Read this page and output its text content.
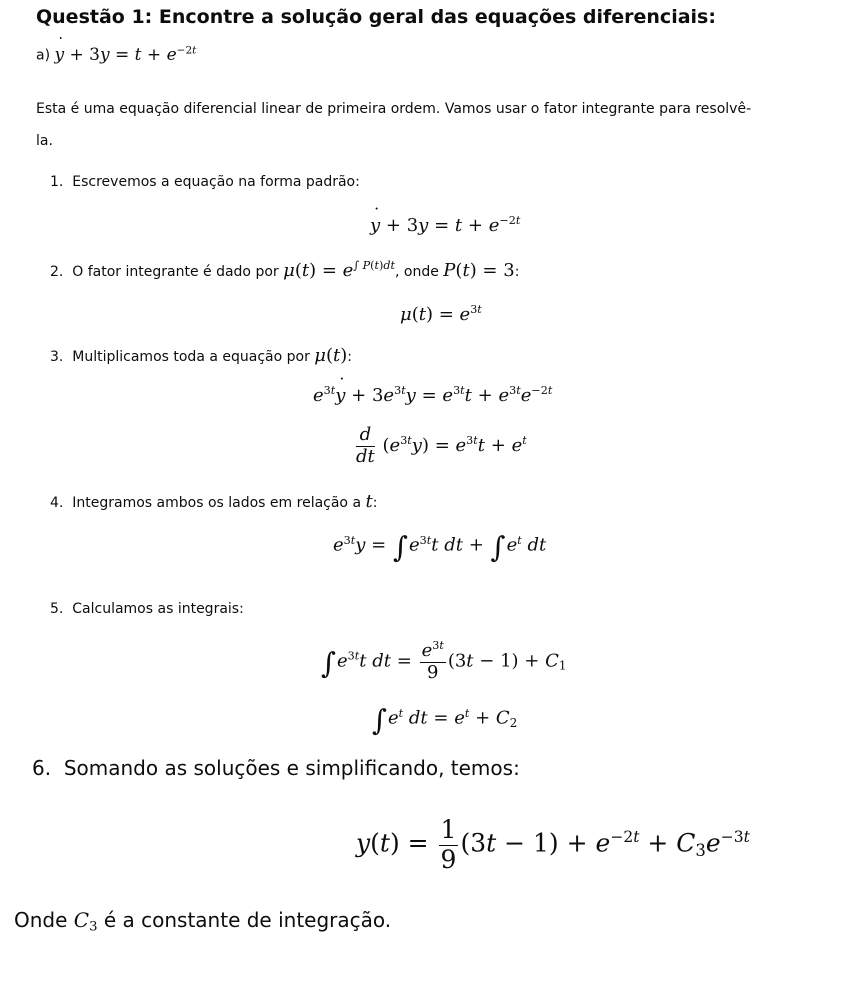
Questão 1: Encontre a solução geral das equações diferenciais:
a) ˙ $y + 3y = t + e^{-2t}$
Esta é uma equação diferencial linear de primeira ordem. Vamos usar o fator integrante para resolvê-
la.
1. Escrevemos a equação na forma padrão:
˙ $y + 3y = t + e^{-2t}$
2. O fator integrante é dado por $\mu(t) = e^{\int P(t)dt}$, onde P(t) = 3:
$\mu(t) = e^{3t}$
3. Multiplicamos toda a equação por μ(t):
$e^{3t}˙$ $y + 3e^{3t}y = e^{3t}t + e^{3t}e^{-2t}$
$\frac{d}{dt} (e^{3t}y) = e^{3t}t + e^t$
4. Integramos ambos os lados em relação a t:
$e^{3t}y = \int e^{3t}t$ dt + $\int e^t$ dt
5. Calculamos as integrais:
$\int e^{3t}t$ dt = $\frac{e^{3t}}{9} (3t - 1) + C_1$
$\int e^t$ dt = $e^t + C_2$
6. Somando as soluções e simplificando, temos:
$y(t) = \frac{1}{9} (3t - 1) + e^{-2t} + C_3e^{-3t}$
Onde $C_3$ é a constante de integração.
